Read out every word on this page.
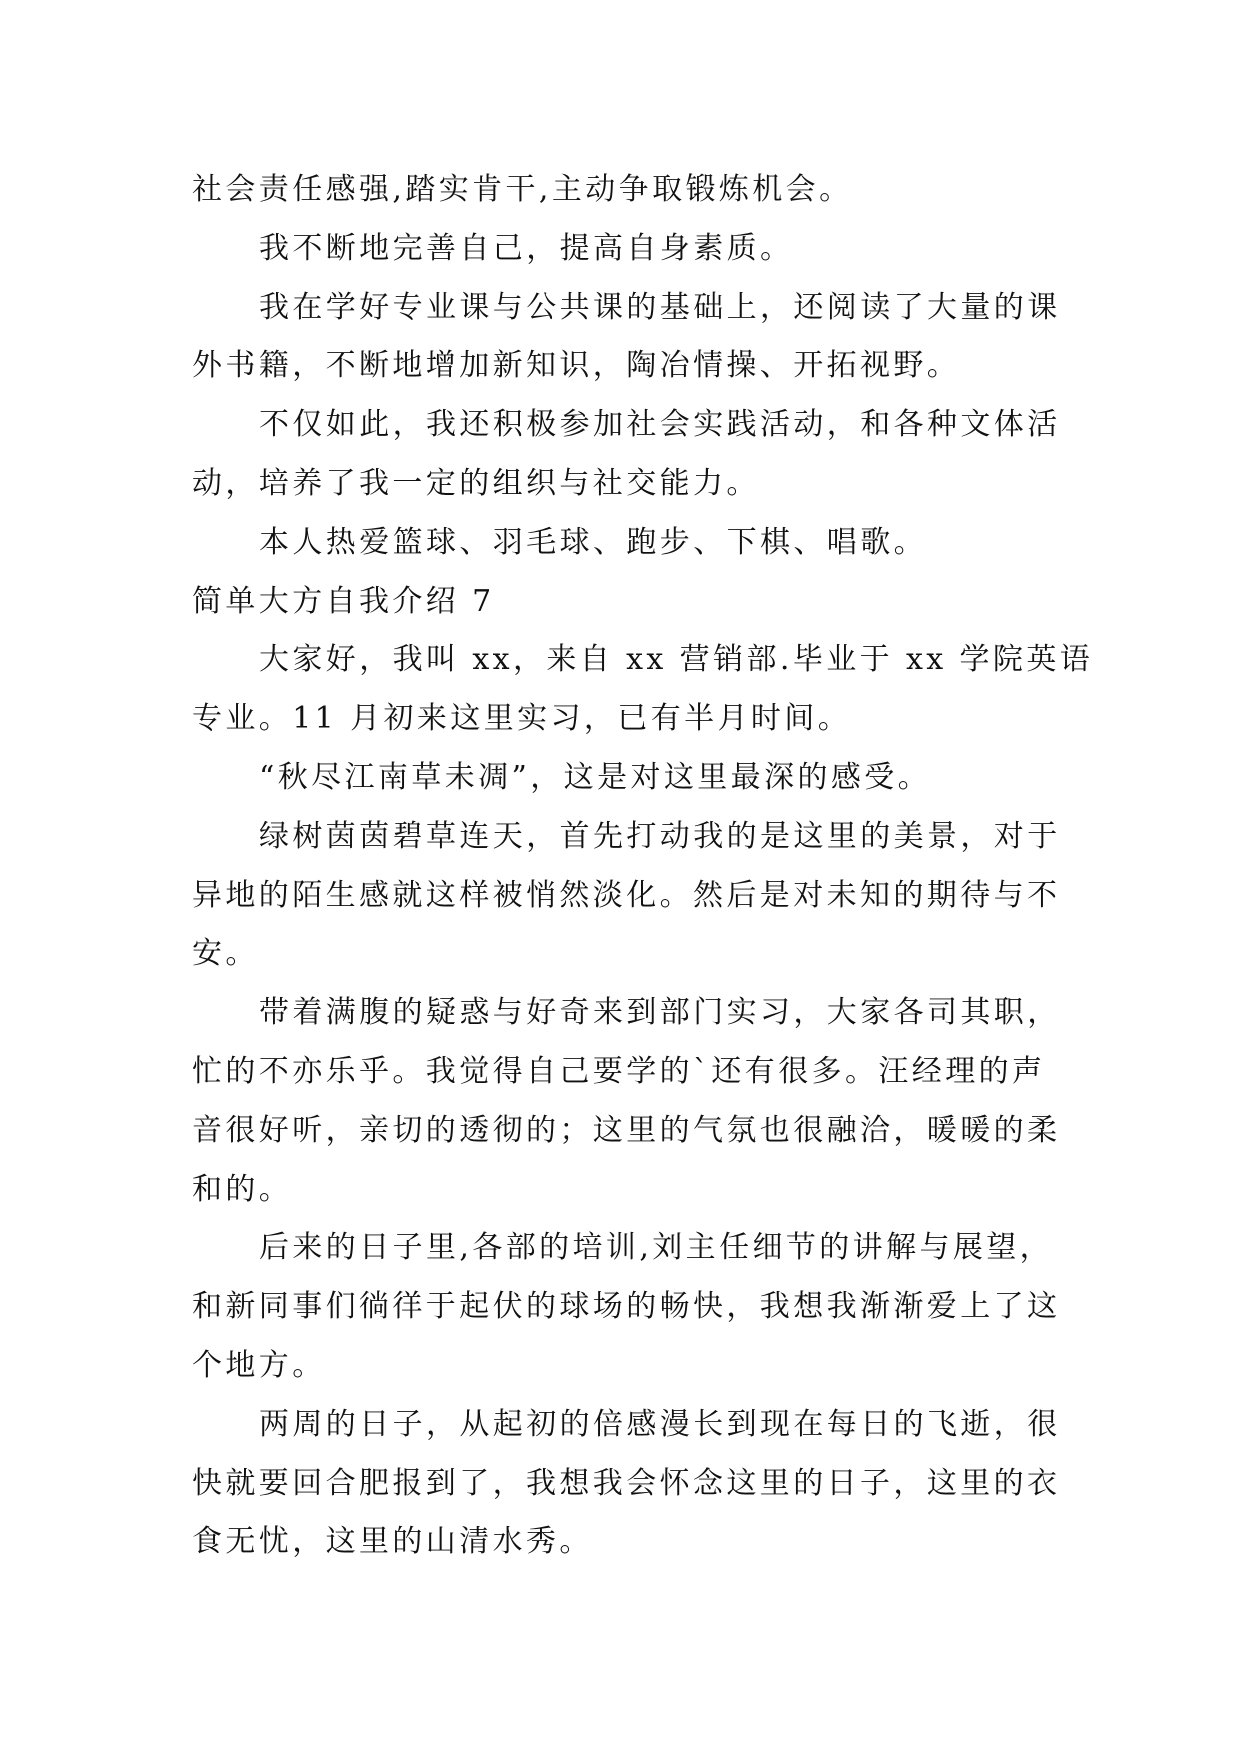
社会责任感强,踏实肯干,主动争取锻炼机会。
我不断地完善自己，提高自身素质。
我在学好专业课与公共课的基础上，还阅读了大量的课
外书籍，不断地增加新知识，陶冶情操、开拓视野。
不仅如此，我还积极参加社会实践活动，和各种文体活
动，培养了我一定的组织与社交能力。
本人热爱篮球、羽毛球、跑步、下棋、唱歌。
简单大方自我介绍 7
大家好，我叫 xx，来自 xx 营销部.毕业于 xx 学院英语
专业。11 月初来这里实习，已有半月时间。
“秋尽江南草未凋”，这是对这里最深的感受。
绿树茵茵碧草连天，首先打动我的是这里的美景，对于
异地的陌生感就这样被悄然淡化。然后是对未知的期待与不
安。
带着满腹的疑惑与好奇来到部门实习，大家各司其职，
忙的不亦乐乎。我觉得自己要学的`还有很多。汪经理的声
音很好听，亲切的透彻的；这里的气氛也很融洽，暖暖的柔
和的。
后来的日子里,各部的培训,刘主任细节的讲解与展望，
和新同事们徜徉于起伏的球场的畅快，我想我渐渐爱上了这
个地方。
两周的日子，从起初的倍感漫长到现在每日的飞逝，很
快就要回合肥报到了，我想我会怀念这里的日子，这里的衣
食无忧，这里的山清水秀。
